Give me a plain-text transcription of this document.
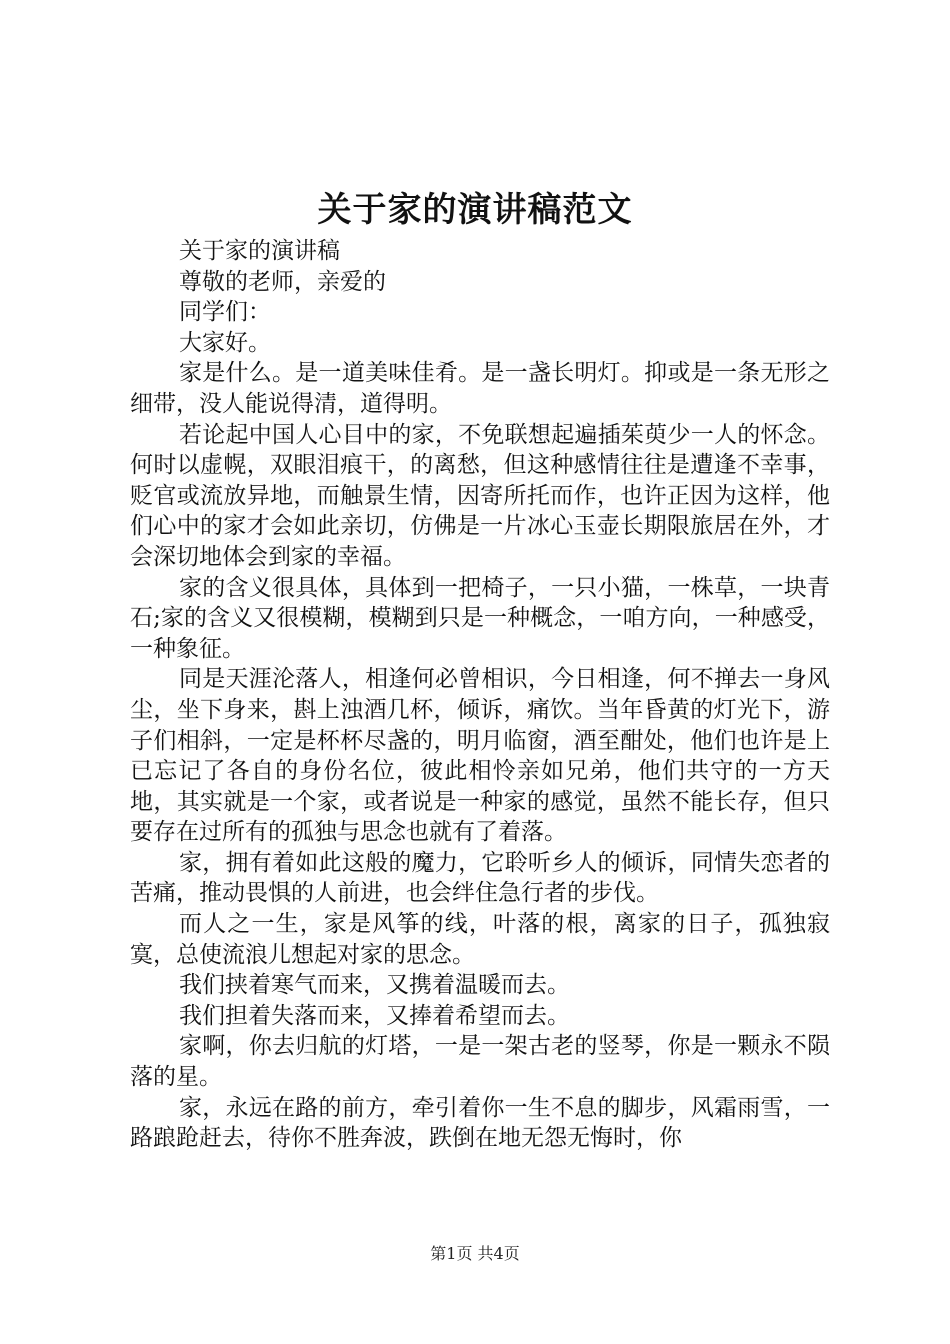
关于家的演讲稿范文

关于家的演讲稿

尊敬的老师，亲爱的

同学们：

大家好。

家是什么。是一道美味佳肴。是一盏长明灯。抑或是一条无形之细带，没人能说得清，道得明。

若论起中国人心目中的家，不免联想起遍插茱萸少一人的怀念。何时以虚幌，双眼泪痕干，的离愁，但这种感情往往是遭逢不幸事，贬官或流放异地，而触景生情，因寄所托而作，也许正因为这样，他们心中的家才会如此亲切，仿佛是一片冰心玉壶长期限旅居在外，才会深切地体会到家的幸福。

家的含义很具体，具体到一把椅子，一只小猫，一株草，一块青石;家的含义又很模糊，模糊到只是一种概念，一咱方向，一种感受，一种象征。

同是天涯沦落人，相逢何必曾相识，今日相逢，何不掸去一身风尘，坐下身来，斟上浊酒几杯，倾诉，痛饮。当年昏黄的灯光下，游子们相斜，一定是杯杯尽盏的，明月临窗，酒至酣处，他们也许是上已忘记了各自的身份名位，彼此相怜亲如兄弟，他们共守的一方天地，其实就是一个家，或者说是一种家的感觉，虽然不能长存，但只要存在过所有的孤独与思念也就有了着落。

家，拥有着如此这般的魔力，它聆听乡人的倾诉，同情失恋者的苦痛，推动畏惧的人前进，也会绊住急行者的步伐。

而人之一生，家是风筝的线，叶落的根，离家的日子，孤独寂寞，总使流浪儿想起对家的思念。

我们挟着寒气而来，又携着温暖而去。

我们担着失落而来，又捧着希望而去。

家啊，你去归航的灯塔，一是一架古老的竖琴，你是一颗永不陨落的星。

家，永远在路的前方，牵引着你一生不息的脚步，风霜雨雪，一路踉跄赶去，待你不胜奔波，跌倒在地无怨无悔时，你

第1页 共4页
